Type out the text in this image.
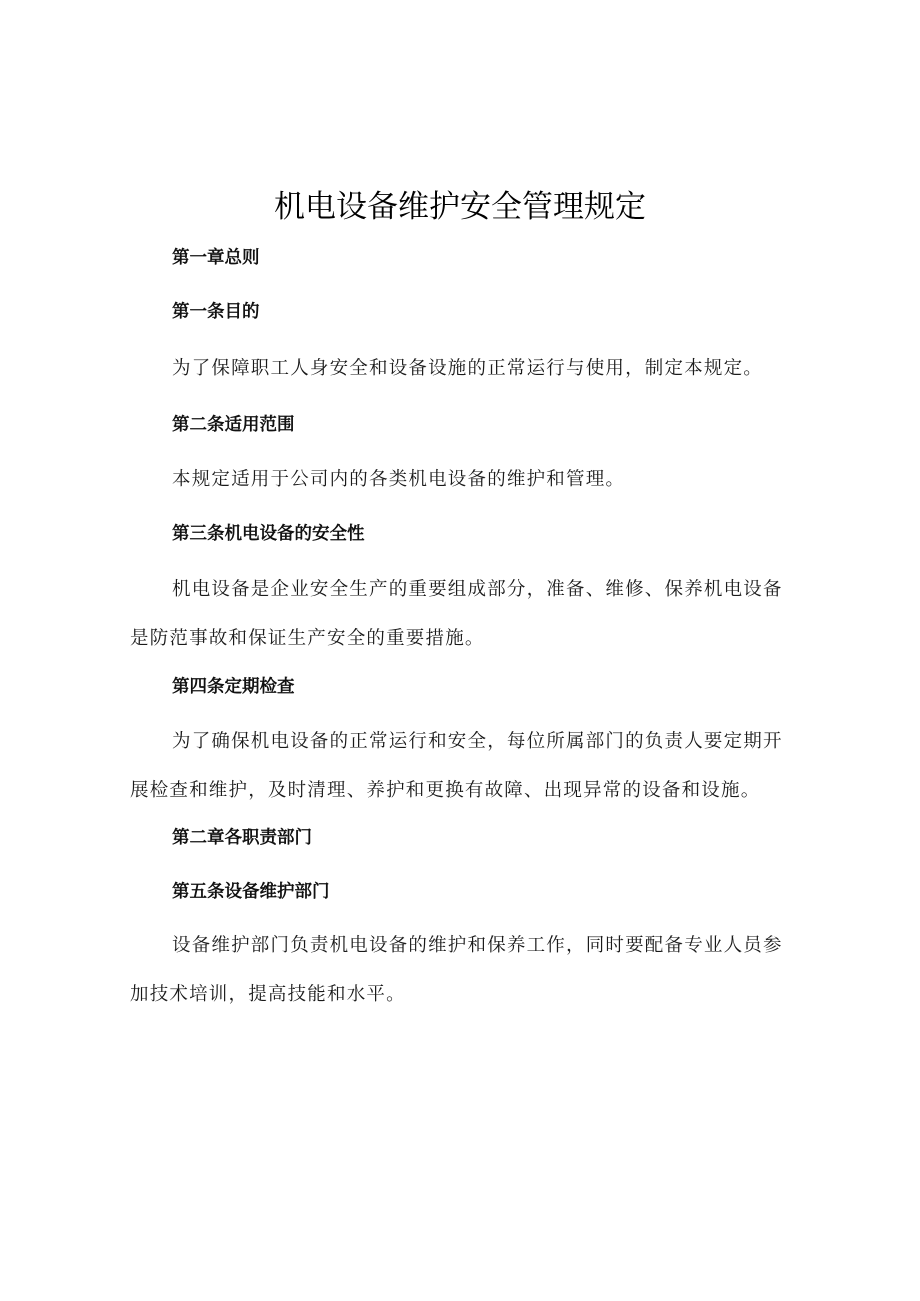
机电设备维护安全管理规定
第一章总则
第一条目的
为了保障职工人身安全和设备设施的正常运行与使用，制定本规定。
第二条适用范围
本规定适用于公司内的各类机电设备的维护和管理。
第三条机电设备的安全性
机电设备是企业安全生产的重要组成部分，准备、维修、保养机电设备是防范事故和保证生产安全的重要措施。
第四条定期检查
为了确保机电设备的正常运行和安全，每位所属部门的负责人要定期开展检查和维护，及时清理、养护和更换有故障、出现异常的设备和设施。
第二章各职责部门
第五条设备维护部门
设备维护部门负责机电设备的维护和保养工作，同时要配备专业人员参加技术培训，提高技能和水平。
